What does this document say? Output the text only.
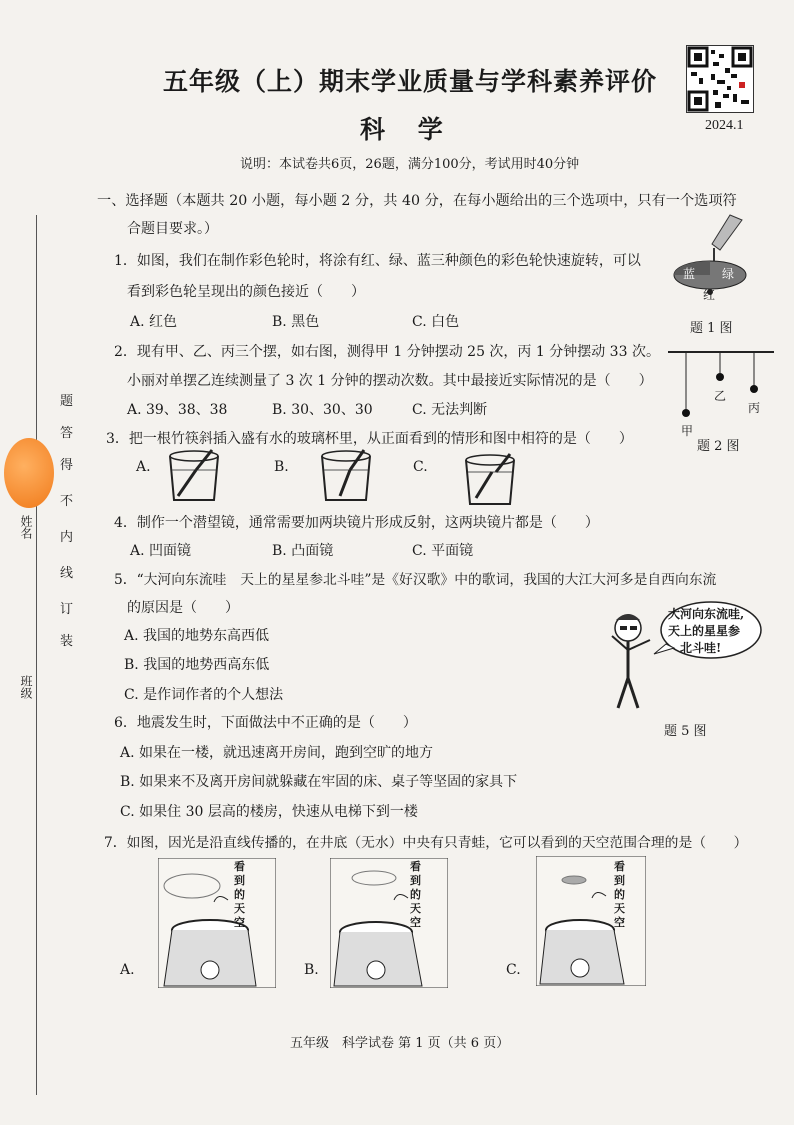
五年级（上）期末学业质量与学科素养评价
科 学	2024.1
说明：本试卷共6页，26题，满分100分，考试用时40分钟
题
答
得
不
内
线
订
装
姓名
班级
一、选择题（本题共 20 小题，每小题 2 分，共 40 分，在每小题给出的三个选项中，只有一个选项符
合题目要求。）
1．如图，我们在制作彩色轮时，将涂有红、绿、蓝三种颜色的彩色轮快速旋转，可以
看到彩色轮呈现出的颜色接近（　　）
A. 红色	B. 黑色	C. 白色
蓝 绿
红
题 1 图
2．现有甲、乙、丙三个摆，如右图，测得甲 1 分钟摆动 25 次，丙 1 分钟摆动 33 次。
小丽对单摆乙连续测量了 3 次 1 分钟的摆动次数。其中最接近实际情况的是（　　）
A. 39、38、38	B. 30、30、30	C. 无法判断
甲
乙
丙
题 2 图
3．把一根竹筷斜插入盛有水的玻璃杯里，从正面看到的情形和图中相符的是（　　）
A.	B.	C.
4．制作一个潜望镜，通常需要加两块镜片形成反射，这两块镜片都是（　　）
A. 凹面镜	B. 凸面镜	C. 平面镜
5．“大河向东流哇　天上的星星参北斗哇”是《好汉歌》中的歌词，我国的大江大河多是自西向东流
的原因是（　　）
A. 我国的地势东高西低
B. 我国的地势西高东低
C. 是作词作者的个人想法
大河向东流哇,
天上的星星参
北斗哇!
题 5 图
6．地震发生时，下面做法中不正确的是（　　）
A. 如果在一楼，就迅速离开房间，跑到空旷的地方
B. 如果来不及离开房间就躲藏在牢固的床、桌子等坚固的家具下
C. 如果住 30 层高的楼房，快速从电梯下到一楼
7．如图，因光是沿直线传播的，在井底（无水）中央有只青蛙，它可以看到的天空范围合理的是（　　）
A.	B.	C.
看到的天空
看到的天空
看到的天空
五年级　科学试卷 第 1 页（共 6 页）
